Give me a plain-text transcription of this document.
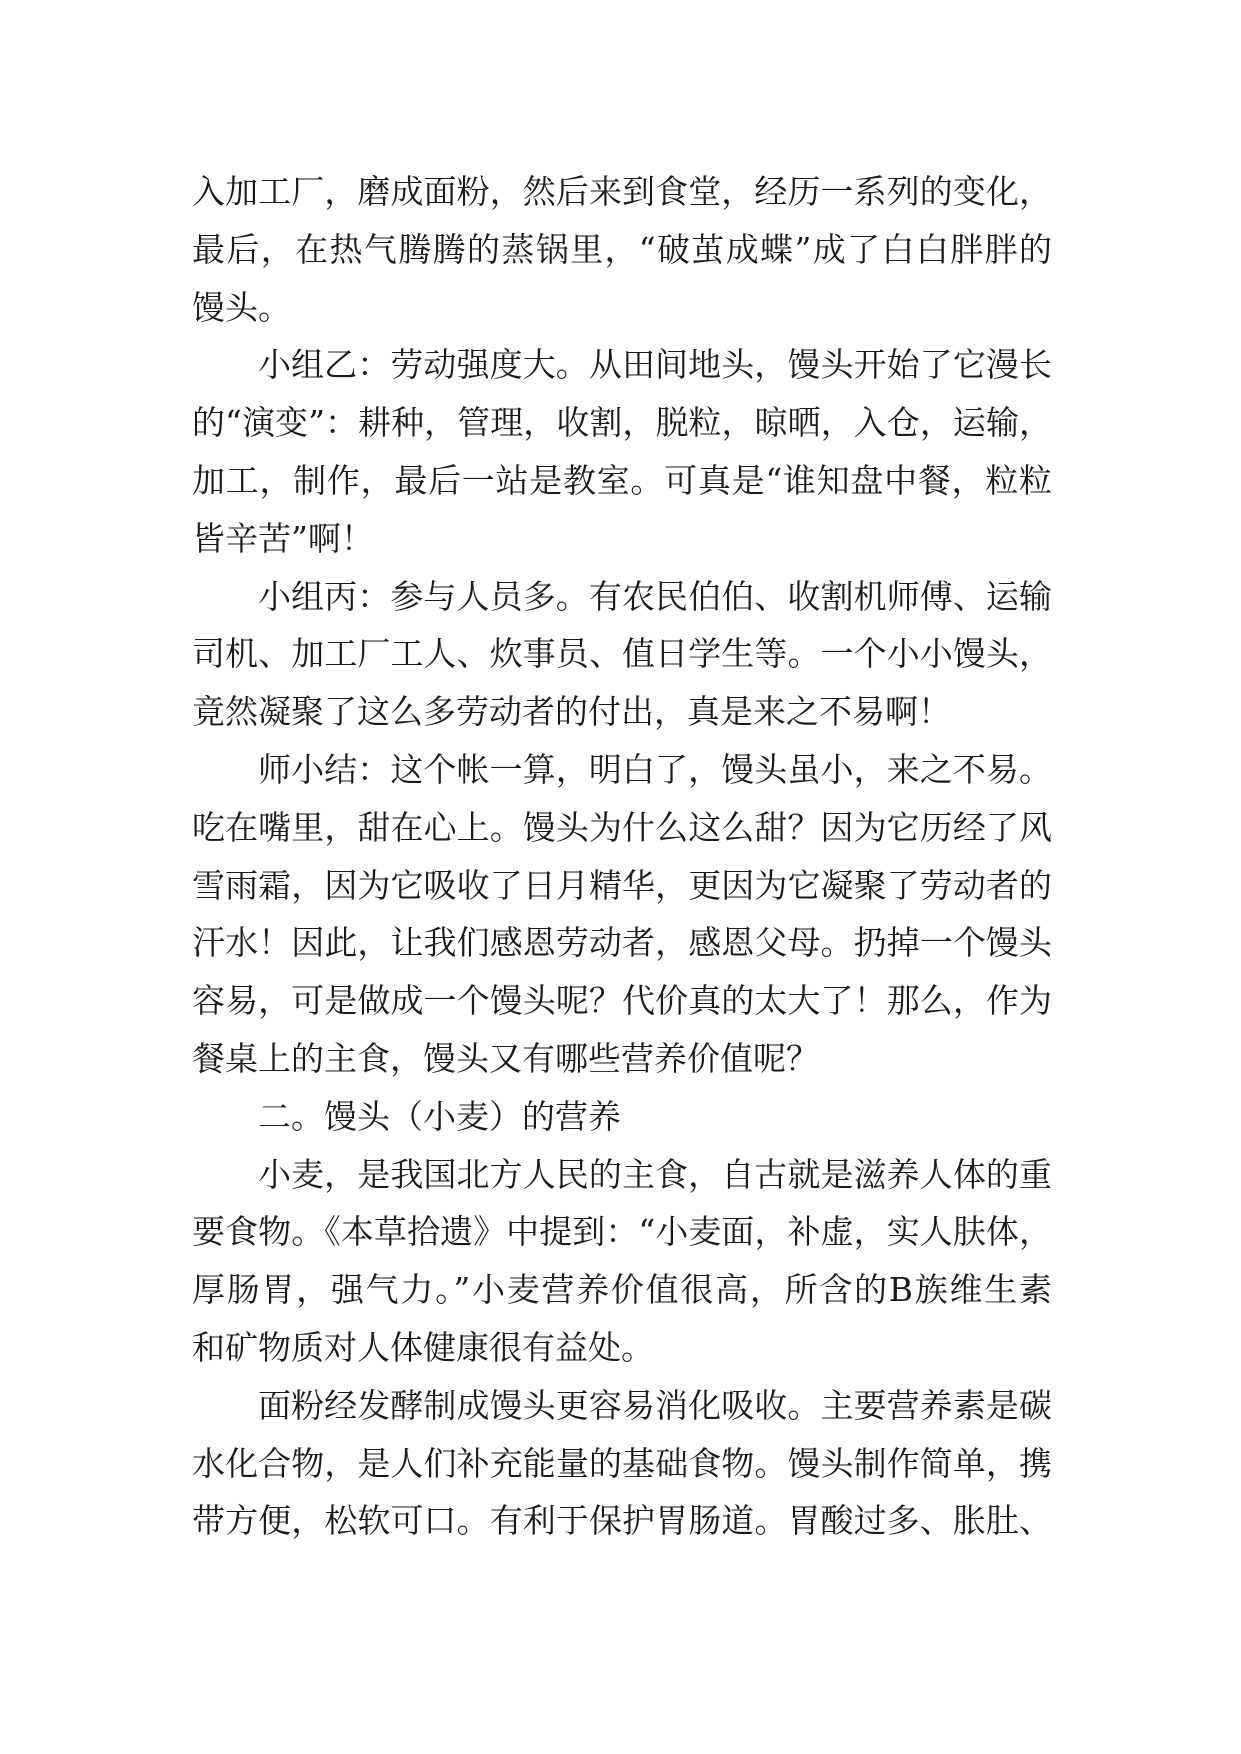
入加工厂，磨成面粉，然后来到食堂，经历一系列的变化，
最后，在热气腾腾的蒸锅里，“破茧成蝶”成了白白胖胖的
馒头。
小组乙：劳动强度大。从田间地头，馒头开始了它漫长
的“演变”：耕种，管理，收割，脱粒，晾晒，入仓，运输，
加工，制作，最后一站是教室。可真是“谁知盘中餐，粒粒
皆辛苦”啊！
小组丙：参与人员多。有农民伯伯、收割机师傅、运输
司机、加工厂工人、炊事员、值日学生等。一个小小馒头，
竟然凝聚了这么多劳动者的付出，真是来之不易啊！
师小结：这个帐一算，明白了，馒头虽小，来之不易。
吃在嘴里，甜在心上。馒头为什么这么甜？因为它历经了风
雪雨霜，因为它吸收了日月精华，更因为它凝聚了劳动者的
汗水！因此，让我们感恩劳动者，感恩父母。扔掉一个馒头
容易，可是做成一个馒头呢？代价真的太大了！那么，作为
餐桌上的主食，馒头又有哪些营养价值呢？
二。馒头（小麦）的营养
小麦，是我国北方人民的主食，自古就是滋养人体的重
要食物。《本草拾遗》中提到：“小麦面，补虚，实人肤体，
厚肠胃，强气力。”小麦营养价值很高，所含的B族维生素
和矿物质对人体健康很有益处。
面粉经发酵制成馒头更容易消化吸收。主要营养素是碳
水化合物，是人们补充能量的基础食物。馒头制作简单，携
带方便，松软可口。有利于保护胃肠道。胃酸过多、胀肚、
